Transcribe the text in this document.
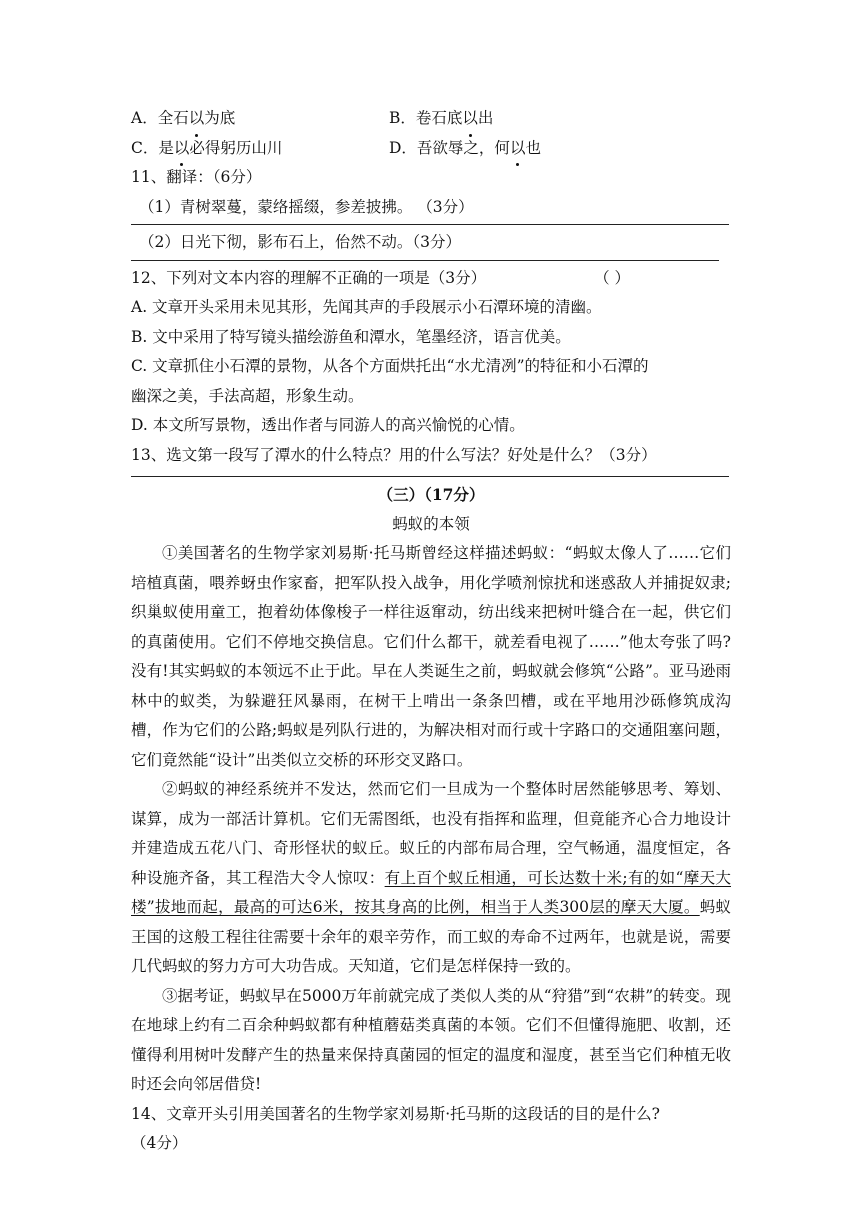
A．全石以为底	B．卷石底以出
C．是以必得躬历山川	D．吾欲辱之，何以也
11、翻译：（6分）
（1）青树翠蔓，蒙络摇缀，参差披拂。 （3分）
（2）日光下彻，影布石上，佁然不动。（3分）
12、下列对文本内容的理解不正确的一项是（3分）	（ ）
A. 文章开头采用未见其形，先闻其声的手段展示小石潭环境的清幽。
B. 文中采用了特写镜头描绘游鱼和潭水，笔墨经济，语言优美。
C. 文章抓住小石潭的景物，从各个方面烘托出“水尤清冽”的特征和小石潭的
幽深之美，手法高超，形象生动。
D. 本文所写景物，透出作者与同游人的高兴愉悦的心情。
13、选文第一段写了潭水的什么特点？用的什么写法？好处是什么？（3分）
（三）（17分）
蚂蚁的本领
①美国著名的生物学家刘易斯·托马斯曾经这样描述蚂蚁：“蚂蚁太像人了……它们培植真菌，喂养蚜虫作家畜，把军队投入战争，用化学喷剂惊扰和迷惑敌人并捕捉奴隶;织巢蚁使用童工，抱着幼体像梭子一样往返窜动，纺出线来把树叶缝合在一起，供它们的真菌使用。它们不停地交换信息。它们什么都干，就差看电视了……”他太夸张了吗?没有!其实蚂蚁的本领远不止于此。早在人类诞生之前，蚂蚁就会修筑“公路”。亚马逊雨林中的蚁类，为躲避狂风暴雨，在树干上啃出一条条凹槽，或在平地用沙砾修筑成沟槽，作为它们的公路;蚂蚁是列队行进的，为解决相对而行或十字路口的交通阻塞问题，它们竟然能“设计”出类似立交桥的环形交叉路口。
②蚂蚁的神经系统并不发达，然而它们一旦成为一个整体时居然能够思考、筹划、谋算，成为一部活计算机。它们无需图纸，也没有指挥和监理，但竟能齐心合力地设计并建造成五花八门、奇形怪状的蚁丘。蚁丘的内部布局合理，空气畅通，温度恒定，各种设施齐备，其工程浩大令人惊叹：有上百个蚁丘相通，可长达数十米;有的如“摩天大楼”拔地而起，最高的可达6米，按其身高的比例，相当于人类300层的摩天大厦。蚂蚁王国的这般工程往往需要十余年的艰辛劳作，而工蚁的寿命不过两年，也就是说，需要几代蚂蚁的努力方可大功告成。天知道，它们是怎样保持一致的。
③据考证，蚂蚁早在5000万年前就完成了类似人类的从“狩猎”到“农耕”的转变。现在地球上约有二百余种蚂蚁都有种植蘑菇类真菌的本领。它们不但懂得施肥、收割，还懂得利用树叶发酵产生的热量来保持真菌园的恒定的温度和湿度，甚至当它们种植无收时还会向邻居借贷!
14、文章开头引用美国著名的生物学家刘易斯·托马斯的这段话的目的是什么?
（4分）
